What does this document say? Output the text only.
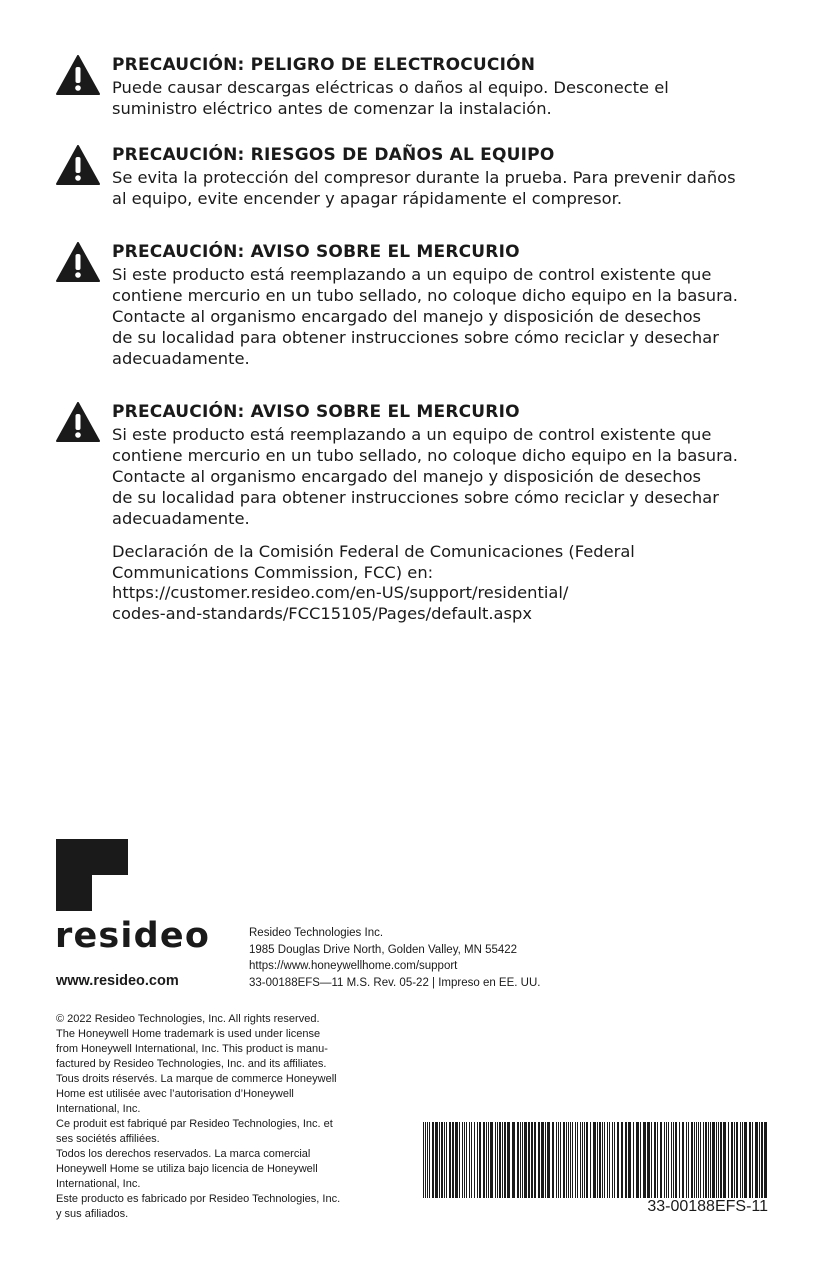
PRECAUCIÓN: PELIGRO DE ELECTROCUCIÓN
Puede causar descargas eléctricas o daños al equipo. Desconecte el
suministro eléctrico antes de comenzar la instalación.
PRECAUCIÓN: RIESGOS DE DAÑOS AL EQUIPO
Se evita la protección del compresor durante la prueba. Para prevenir daños
al equipo, evite encender y apagar rápidamente el compresor.
PRECAUCIÓN: AVISO SOBRE EL MERCURIO
Si este producto está reemplazando a un equipo de control existente que
contiene mercurio en un tubo sellado, no coloque dicho equipo en la basura.
Contacte al organismo encargado del manejo y disposición de desechos
de su localidad para obtener instrucciones sobre cómo reciclar y desechar
adecuadamente.
PRECAUCIÓN: AVISO SOBRE EL MERCURIO
Si este producto está reemplazando a un equipo de control existente que
contiene mercurio en un tubo sellado, no coloque dicho equipo en la basura.
Contacte al organismo encargado del manejo y disposición de desechos
de su localidad para obtener instrucciones sobre cómo reciclar y desechar
adecuadamente.
Declaración de la Comisión Federal de Comunicaciones (Federal
Communications Commission, FCC) en:
https://customer.resideo.com/en-US/support/residential/
codes-and-standards/FCC15105/Pages/default.aspx
resideo
www.resideo.com
Resideo Technologies Inc.
1985 Douglas Drive North, Golden Valley, MN 55422
https://www.honeywellhome.com/support
33-00188EFS—11 M.S. Rev. 05-22 | Impreso en EE. UU.
© 2022 Resideo Technologies, Inc. All rights reserved.
The Honeywell Home trademark is used under license
from Honeywell International, Inc. This product is manu-
factured by Resideo Technologies, Inc. and its affiliates.
Tous droits réservés. La marque de commerce Honeywell
Home est utilisée avec l’autorisation d’Honeywell
International, Inc.
Ce produit est fabriqué par Resideo Technologies, Inc. et
ses sociétés affiliées.
Todos los derechos reservados. La marca comercial
Honeywell Home se utiliza bajo licencia de Honeywell
International, Inc.
Este producto es fabricado por Resideo Technologies, Inc.
y sus afiliados.	33-00188EFS-11
